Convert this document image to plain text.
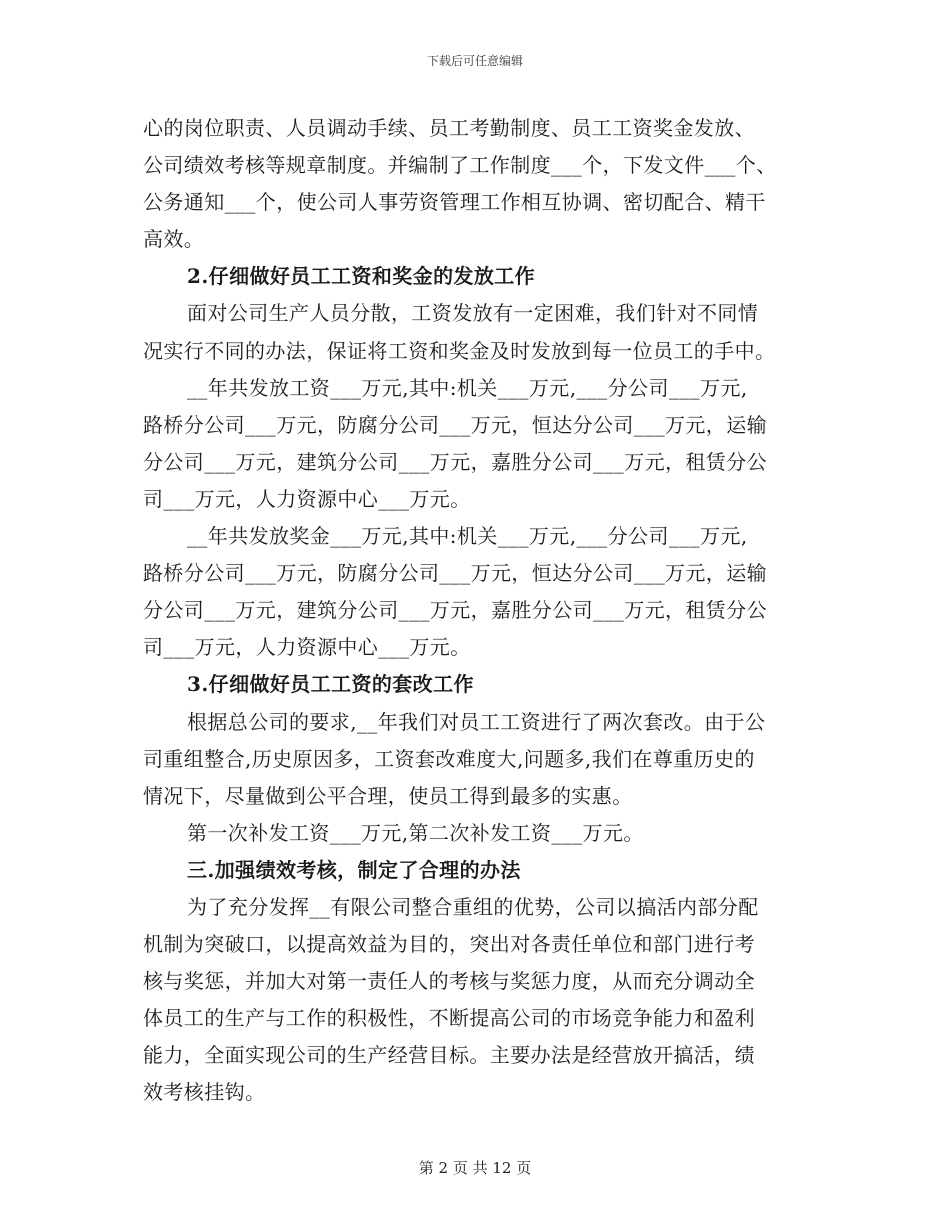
下载后可任意编辑
心的岗位职责、人员调动手续、员工考勤制度、员工工资奖金发放、
公司绩效考核等规章制度。并编制了工作制度___个，下发文件___个、
公务通知___个，使公司人事劳资管理工作相互协调、密切配合、精干
高效。
2.仔细做好员工工资和奖金的发放工作
面对公司生产人员分散，工资发放有一定困难，我们针对不同情
况实行不同的办法，保证将工资和奖金及时发放到每一位员工的手中。
__年共发放工资___万元,其中:机关___万元,___分公司___万元,
路桥分公司___万元，防腐分公司___万元，恒达分公司___万元，运输
分公司___万元，建筑分公司___万元，嘉胜分公司___万元，租赁分公
司___万元，人力资源中心___万元。
__年共发放奖金___万元,其中:机关___万元,___分公司___万元,
路桥分公司___万元，防腐分公司___万元，恒达分公司___万元，运输
分公司___万元，建筑分公司___万元，嘉胜分公司___万元，租赁分公
司___万元，人力资源中心___万元。
3.仔细做好员工工资的套改工作
根据总公司的要求,__年我们对员工工资进行了两次套改。由于公
司重组整合,历史原因多，工资套改难度大,问题多,我们在尊重历史的
情况下，尽量做到公平合理，使员工得到最多的实惠。
第一次补发工资___万元,第二次补发工资___万元。
三.加强绩效考核，制定了合理的办法
为了充分发挥__有限公司整合重组的优势，公司以搞活内部分配
机制为突破口，以提高效益为目的，突出对各责任单位和部门进行考
核与奖惩，并加大对第一责任人的考核与奖惩力度，从而充分调动全
体员工的生产与工作的积极性，不断提高公司的市场竞争能力和盈利
能力，全面实现公司的生产经营目标。主要办法是经营放开搞活，绩
效考核挂钩。
第 2 页 共 12 页
